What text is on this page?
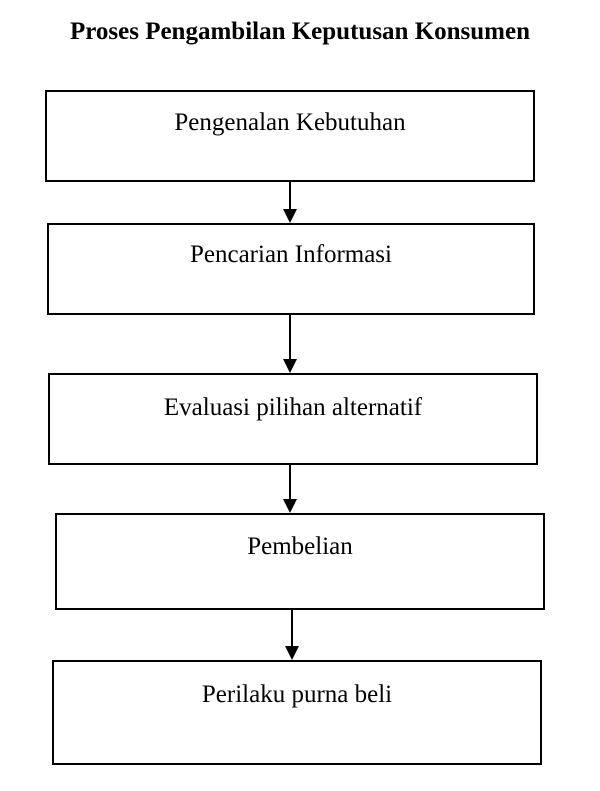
Proses Pengambilan Keputusan Konsumen
Pengenalan Kebutuhan
Pencarian Informasi
Evaluasi pilihan alternatif
Pembelian
Perilaku purna beli
